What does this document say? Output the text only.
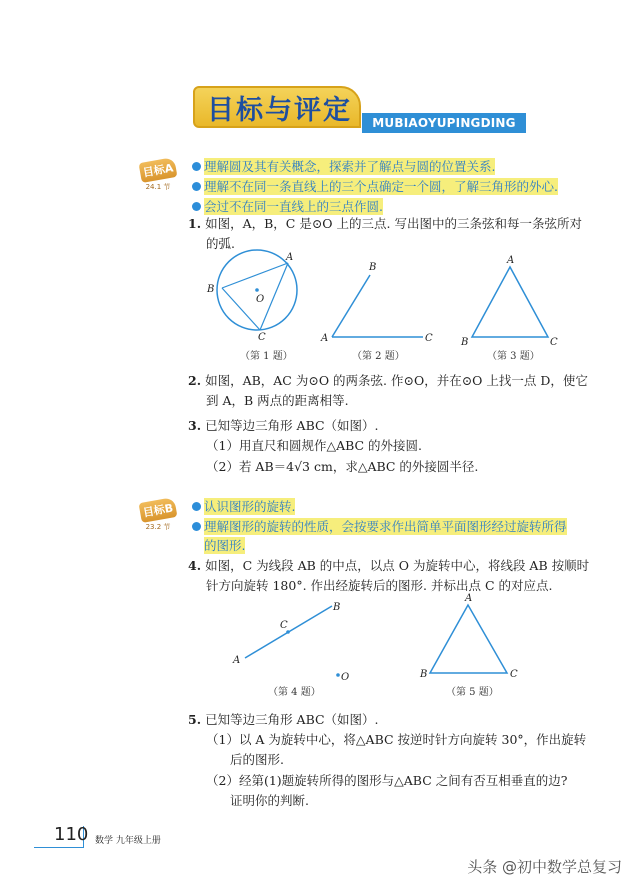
目标与评定	MUBIAOYUPINGDING
目标A
24.1 节
理解圆及其有关概念，探索并了解点与圆的位置关系.
理解不在同一条直线上的三个点确定一个圆，了解三角形的外心.
会过不在同一直线上的三点作圆.
1. 如图，A，B，C 是⊙O 上的三点. 写出图中的三条弦和每一条弦所对
的弧.
A
B
C
O
B
A	C
A
B	C
（第 1 题）	（第 2 题）	（第 3 题）
2. 如图，AB，AC 为⊙O 的两条弦. 作⊙O，并在⊙O 上找一点 D，使它
到 A，B 两点的距离相等.
3. 已知等边三角形 ABC（如图）.
（1）用直尺和圆规作△ABC 的外接圆.
（2）若 AB＝4√3 cm，求△ABC 的外接圆半径.
目标B
23.2 节
认识图形的旋转.
理解图形的旋转的性质，会按要求作出简单平面图形经过旋转所得
的图形.
4. 如图，C 为线段 AB 的中点，以点 O 为旋转中心，将线段 AB 按顺时
针方向旋转 180°. 作出经旋转后的图形. 并标出点 C 的对应点.
B
A
C
O
A
B	C
（第 4 题）	（第 5 题）
5. 已知等边三角形 ABC（如图）.
（1）以 A 为旋转中心，将△ABC 按逆时针方向旋转 30°，作出旋转
后的图形.
（2）经第(1)题旋转所得的图形与△ABC 之间有否互相垂直的边?
证明你的判断.
110 数学 九年级上册
头条 @初中数学总复习
